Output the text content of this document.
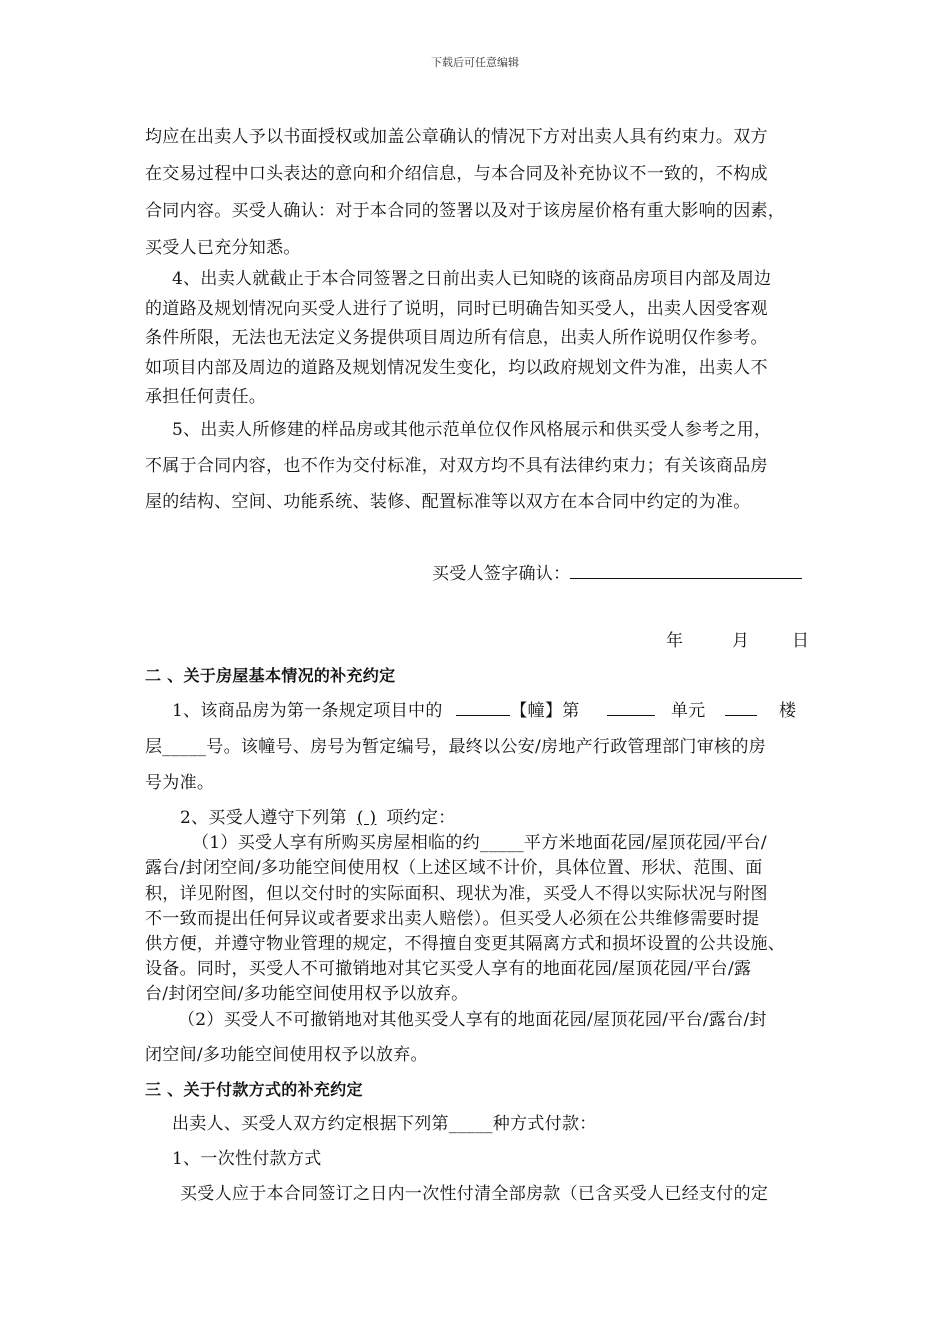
下载后可任意编辑
均应在出卖人予以书面授权或加盖公章确认的情况下方对出卖人具有约束力。双方
在交易过程中口头表达的意向和介绍信息，与本合同及补充协议不一致的，不构成
合同内容。买受人确认：对于本合同的签署以及对于该房屋价格有重大影响的因素，
买受人已充分知悉。
4、出卖人就截止于本合同签署之日前出卖人已知晓的该商品房项目内部及周边
的道路及规划情况向买受人进行了说明，同时已明确告知买受人，出卖人因受客观
条件所限，无法也无法定义务提供项目周边所有信息，出卖人所作说明仅作参考。
如项目内部及周边的道路及规划情况发生变化，均以政府规划文件为准，出卖人不
承担任何责任。
5、出卖人所修建的样品房或其他示范单位仅作风格展示和供买受人参考之用，
不属于合同内容，也不作为交付标准，对双方均不具有法律约束力；有关该商品房
屋的结构、空间、功能系统、装修、配置标准等以双方在本合同中约定的为准。
买受人签字确认：
年	月	日
二 、关于房屋基本情况的补充约定
1、该商品房为第一条规定项目中的	【幢】第	单元	楼
层_____号。该幢号、房号为暂定编号，最终以公安/房地产行政管理部门审核的房
号为准。
2、买受人遵守下列第 ( ) 项约定：
（1）买受人享有所购买房屋相临的约_____平方米地面花园/屋顶花园/平台/
露台/封闭空间/多功能空间使用权（上述区域不计价，具体位置、形状、范围、面
积，详见附图，但以交付时的实际面积、现状为准，买受人不得以实际状况与附图
不一致而提出任何异议或者要求出卖人赔偿）。但买受人必须在公共维修需要时提
供方便，并遵守物业管理的规定，不得擅自变更其隔离方式和损坏设置的公共设施、
设备。同时，买受人不可撤销地对其它买受人享有的地面花园/屋顶花园/平台/露
台/封闭空间/多功能空间使用权予以放弃。
（2）买受人不可撤销地对其他买受人享有的地面花园/屋顶花园/平台/露台/封
闭空间/多功能空间使用权予以放弃。
三 、关于付款方式的补充约定
出卖人、买受人双方约定根据下列第_____种方式付款：
1、一次性付款方式
买受人应于本合同签订之日内一次性付清全部房款（已含买受人已经支付的定
